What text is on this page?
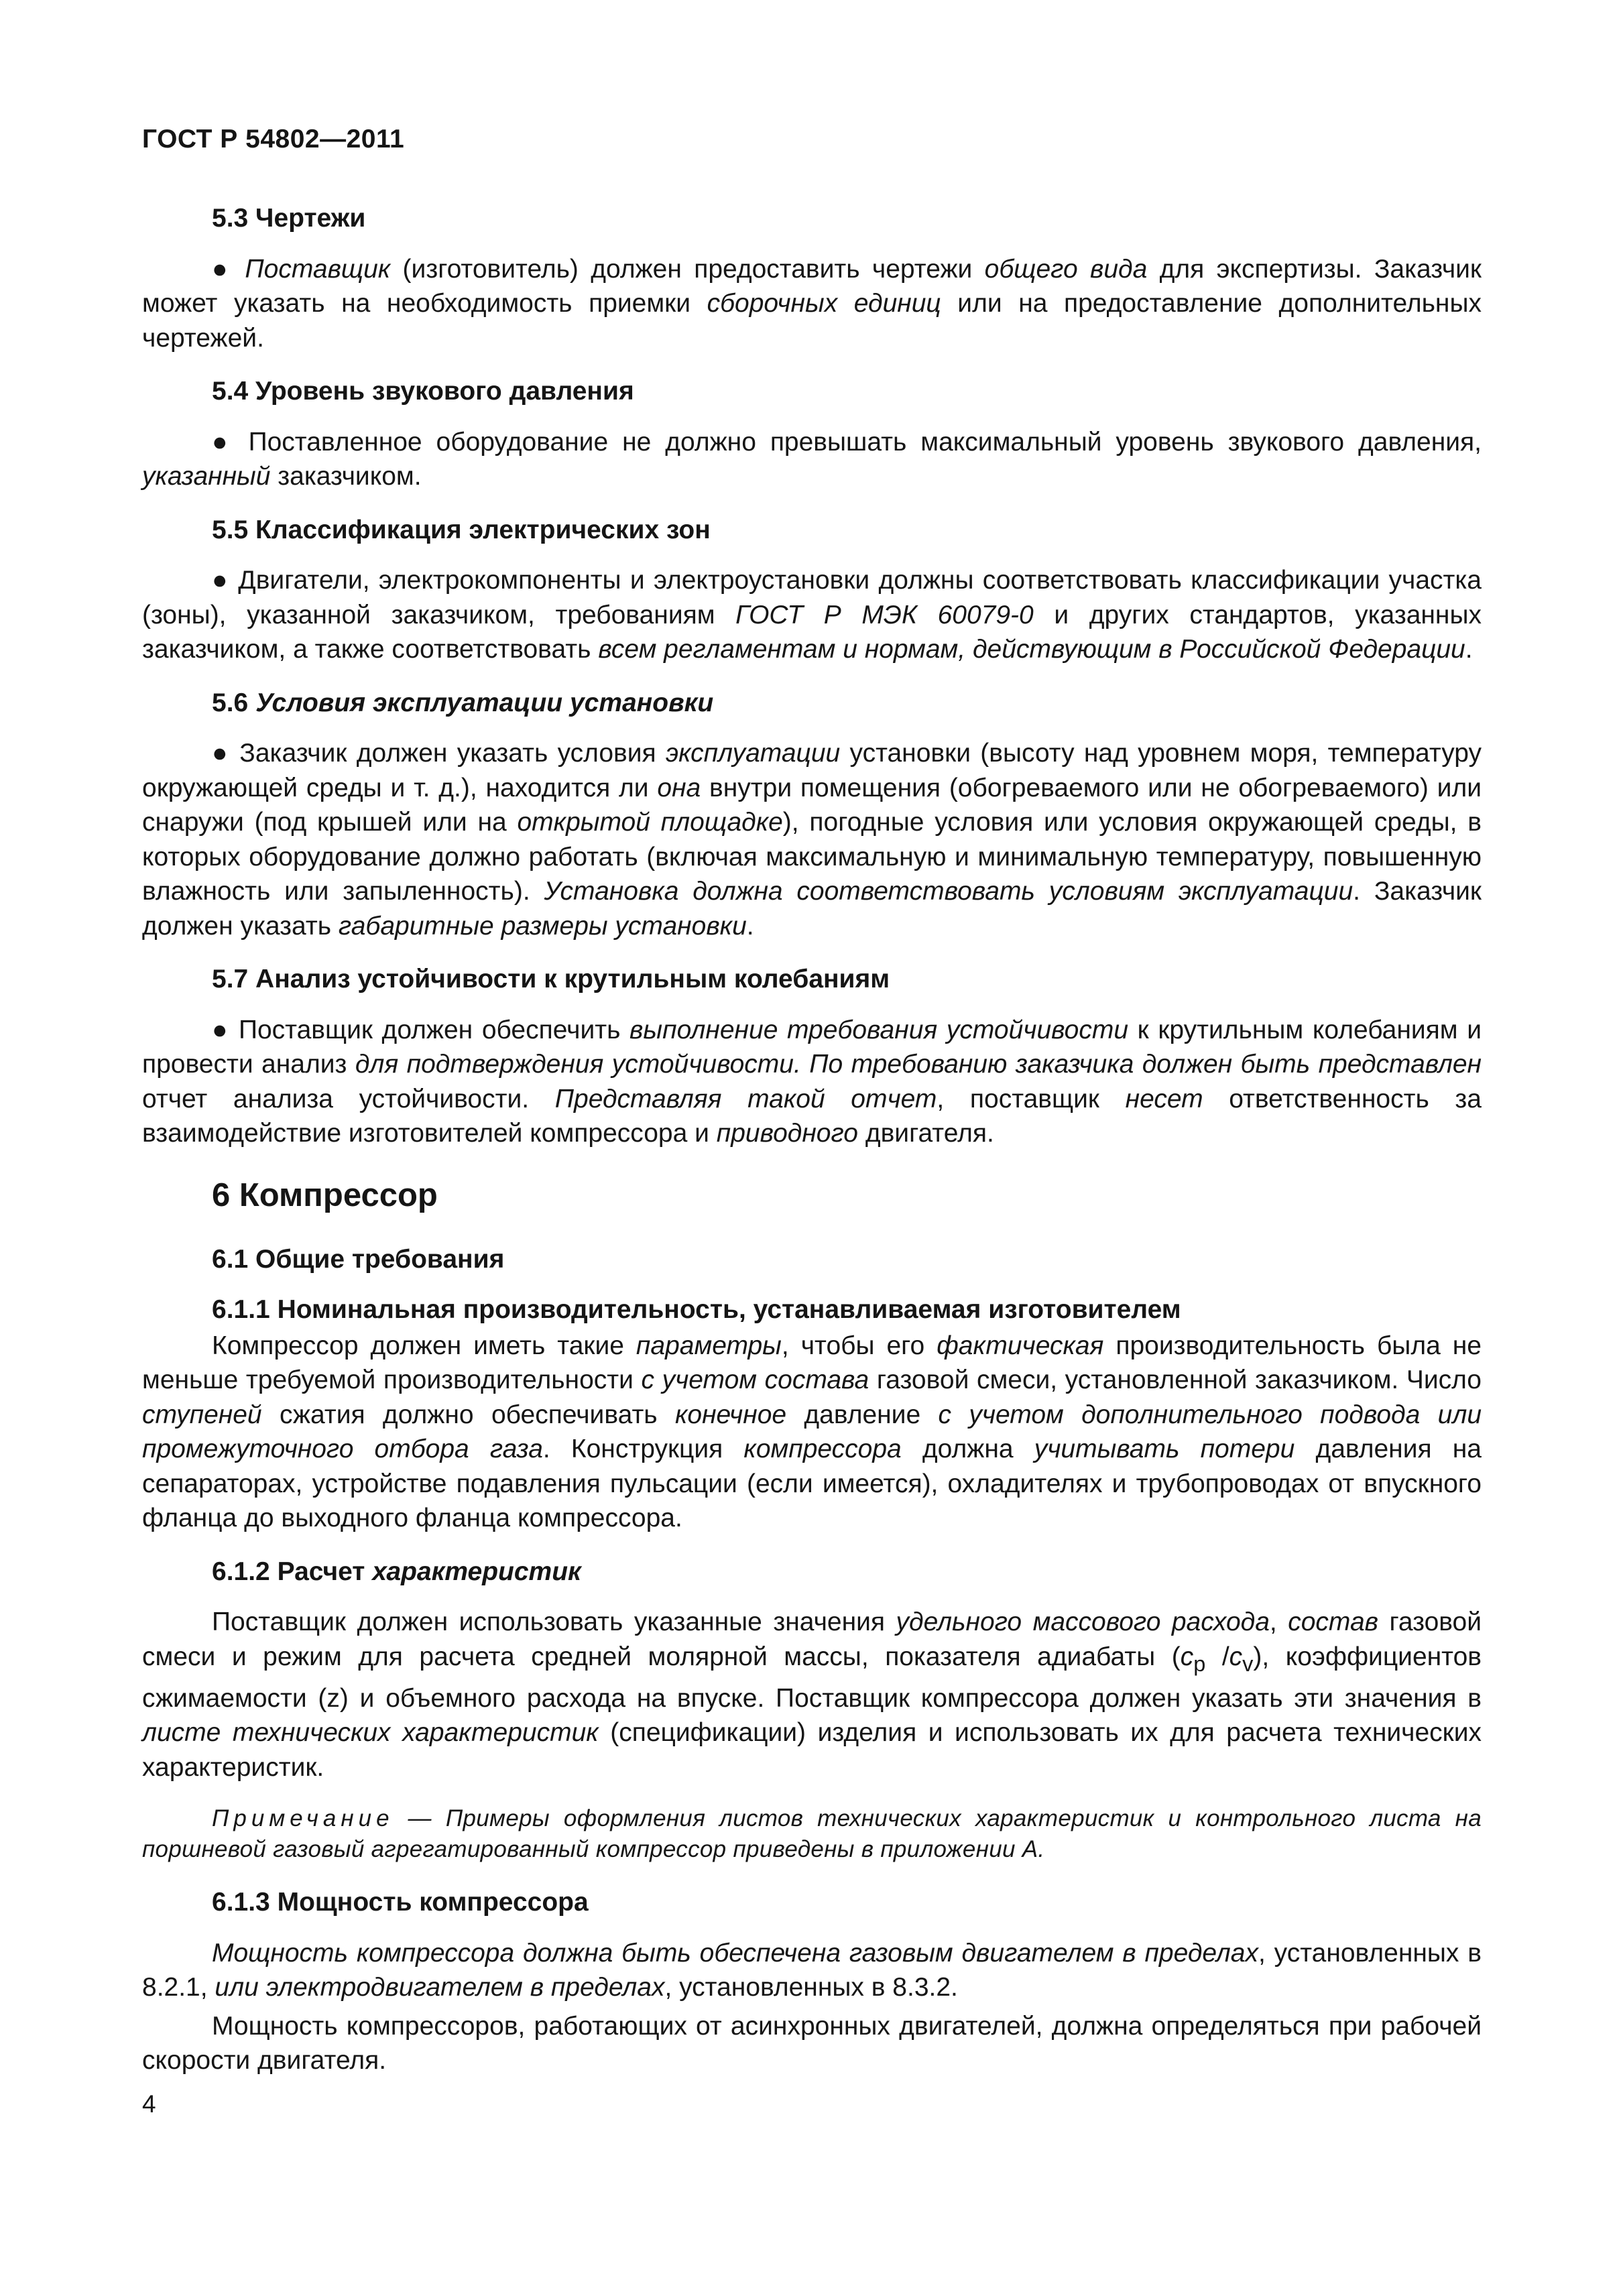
ГОСТ Р 54802—2011
5.3 Чертежи
● Поставщик (изготовитель) должен предоставить чертежи общего вида для экспертизы. Заказчик может указать на необходимость приемки сборочных единиц или на предоставление дополнительных чертежей.
5.4 Уровень звукового давления
● Поставленное оборудование не должно превышать максимальный уровень звукового давления, указанный заказчиком.
5.5 Классификация электрических зон
● Двигатели, электрокомпоненты и электроустановки должны соответствовать классификации участка (зоны), указанной заказчиком, требованиям ГОСТ Р МЭК 60079-0 и других стандартов, указанных заказчиком, а также соответствовать всем регламентам и нормам, действующим в Российской Федерации.
5.6 Условия эксплуатации установки
● Заказчик должен указать условия эксплуатации установки (высоту над уровнем моря, температуру окружающей среды и т. д.), находится ли она внутри помещения (обогреваемого или не обогреваемого) или снаружи (под крышей или на открытой площадке), погодные условия или условия окружающей среды, в которых оборудование должно работать (включая максимальную и минимальную температуру, повышенную влажность или запыленность). Установка должна соответствовать условиям эксплуатации. Заказчик должен указать габаритные размеры установки.
5.7 Анализ устойчивости к крутильным колебаниям
● Поставщик должен обеспечить выполнение требования устойчивости к крутильным колебаниям и провести анализ для подтверждения устойчивости. По требованию заказчика должен быть представлен отчет анализа устойчивости. Представляя такой отчет, поставщик несет ответственность за взаимодействие изготовителей компрессора и приводного двигателя.
6 Компрессор
6.1 Общие требования
6.1.1 Номинальная производительность, устанавливаемая изготовителем
Компрессор должен иметь такие параметры, чтобы его фактическая производительность была не меньше требуемой производительности с учетом состава газовой смеси, установленной заказчиком. Число ступеней сжатия должно обеспечивать конечное давление с учетом дополнительного подвода или промежуточного отбора газа. Конструкция компрессора должна учитывать потери давления на сепараторах, устройстве подавления пульсации (если имеется), охладителях и трубопроводах от впускного фланца до выходного фланца компрессора.
6.1.2 Расчет характеристик
Поставщик должен использовать указанные значения удельного массового расхода, состав газовой смеси и режим для расчета средней молярной массы, показателя адиабаты ($c_p$ $/c_v$), коэффициентов сжимаемости (z) и объемного расхода на впуске. Поставщик компрессора должен указать эти значения в листе технических характеристик (спецификации) изделия и использовать их для расчета технических характеристик.
Примечание — Примеры оформления листов технических характеристик и контрольного листа на поршневой газовый агрегатированный компрессор приведены в приложении А.
6.1.3 Мощность компрессора
Мощность компрессора должна быть обеспечена газовым двигателем в пределах, установленных в 8.2.1, или электродвигателем в пределах, установленных в 8.3.2.
Мощность компрессоров, работающих от асинхронных двигателей, должна определяться при рабочей скорости двигателя.
4
